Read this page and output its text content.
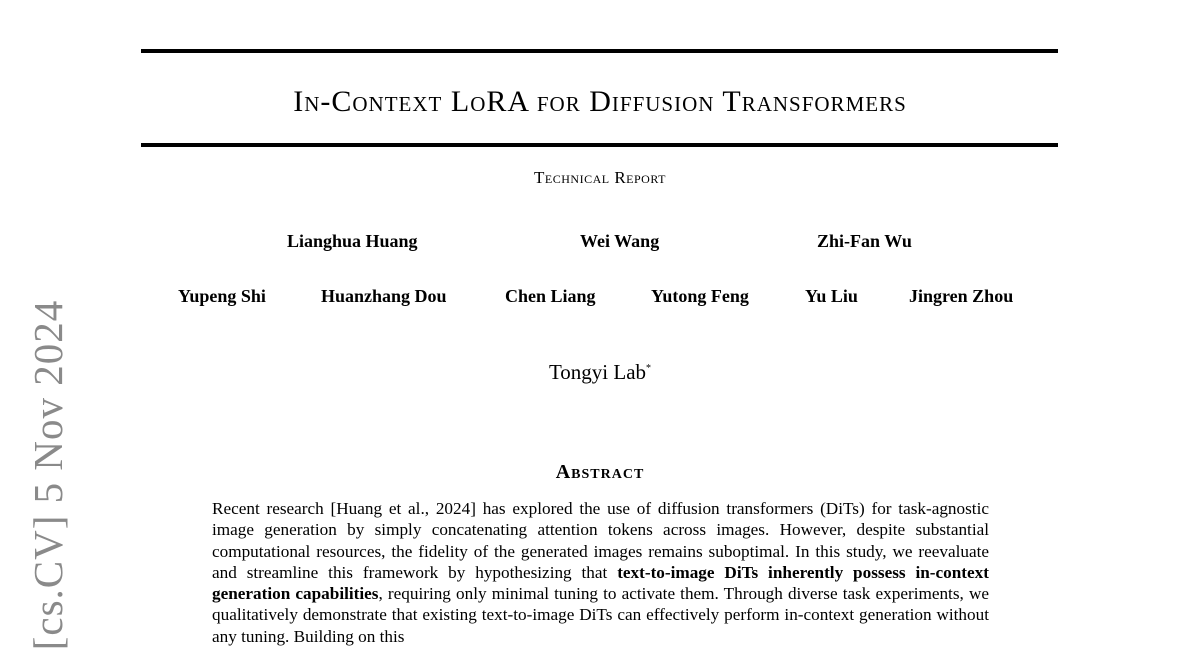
In-Context LoRA for Diffusion Transformers
Technical Report
Lianghua Huang	Wei Wang	Zhi-Fan Wu
Yupeng Shi	Huanzhang Dou	Chen Liang	Yutong Feng	Yu Liu	Jingren Zhou
Tongyi Lab*
Abstract
Recent research [Huang et al., 2024] has explored the use of diffusion transformers (DiTs) for task-agnostic image generation by simply concatenating attention tokens across images. However, despite substantial computational resources, the fidelity of the generated images remains suboptimal. In this study, we reevaluate and streamline this framework by hypothesizing that text-to-image DiTs inherently possess in-context generation capabilities, requiring only minimal tuning to activate them. Through diverse task experiments, we qualitatively demonstrate that existing text-to-image DiTs can effectively perform in-context generation without any tuning. Building on this
[cs.CV] 5 Nov 2024
